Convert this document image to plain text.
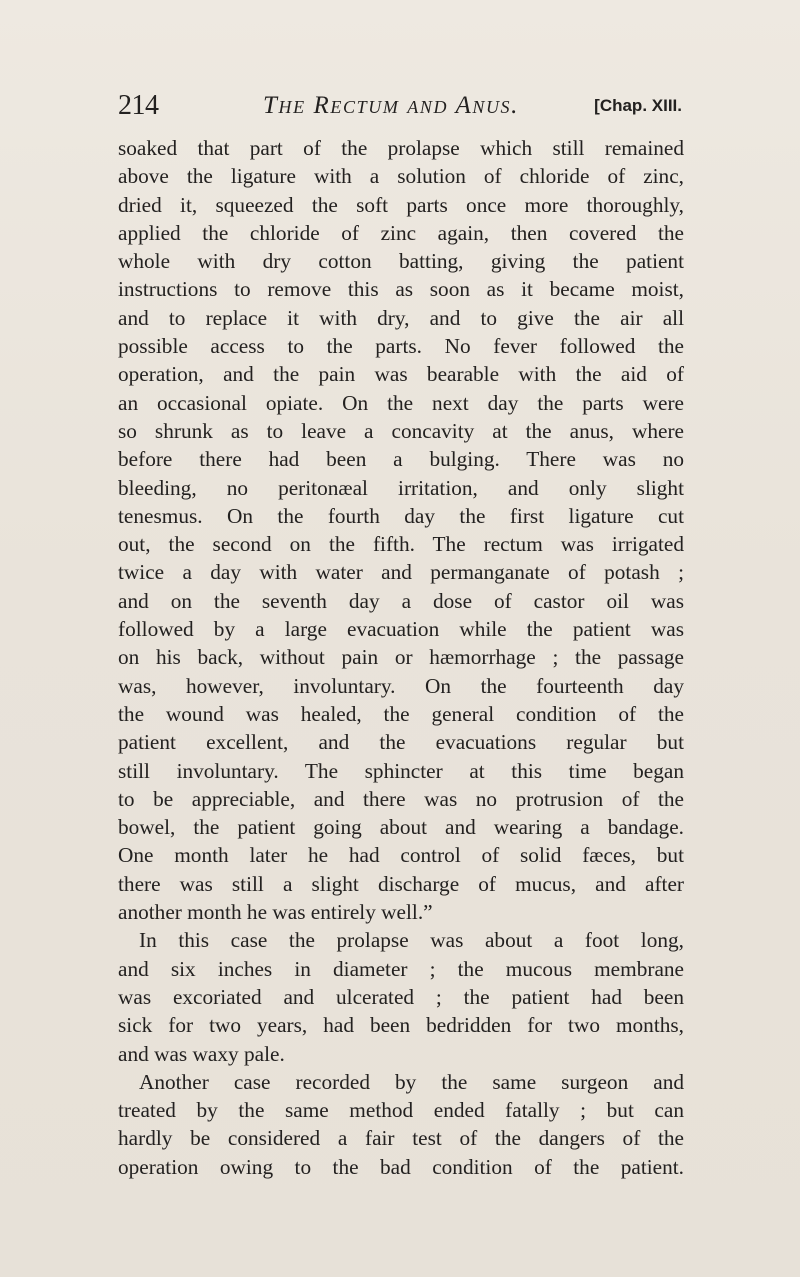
214	The Rectum and Anus.	[Chap. XIII.
soaked that part of the prolapse which still remained
above the ligature with a solution of chloride of zinc,
dried it, squeezed the soft parts once more thoroughly,
applied the chloride of zinc again, then covered the
whole with dry cotton batting, giving the patient
instructions to remove this as soon as it became moist,
and to replace it with dry, and to give the air all
possible access to the parts. No fever followed the
operation, and the pain was bearable with the aid of
an occasional opiate. On the next day the parts were
so shrunk as to leave a concavity at the anus, where
before there had been a bulging. There was no
bleeding, no peritonæal irritation, and only slight
tenesmus. On the fourth day the first ligature cut
out, the second on the fifth. The rectum was irrigated
twice a day with water and permanganate of potash ;
and on the seventh day a dose of castor oil was
followed by a large evacuation while the patient was
on his back, without pain or hæmorrhage ; the passage
was, however, involuntary. On the fourteenth day
the wound was healed, the general condition of the
patient excellent, and the evacuations regular but
still involuntary. The sphincter at this time began
to be appreciable, and there was no protrusion of the
bowel, the patient going about and wearing a bandage.
One month later he had control of solid fæces, but
there was still a slight discharge of mucus, and after
another month he was entirely well.”
In this case the prolapse was about a foot long,
and six inches in diameter ; the mucous membrane
was excoriated and ulcerated ; the patient had been
sick for two years, had been bedridden for two months,
and was waxy pale.
Another case recorded by the same surgeon and
treated by the same method ended fatally ; but can
hardly be considered a fair test of the dangers of the
operation owing to the bad condition of the patient.
